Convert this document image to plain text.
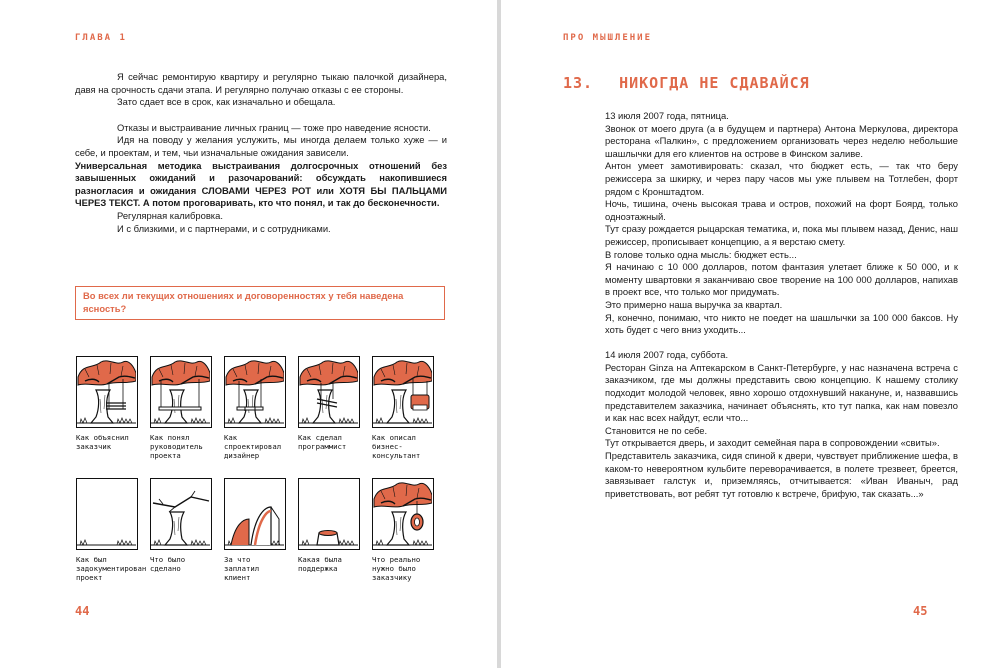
ГЛАВА 1

Я сейчас ремонтирую квартиру и регулярно тыкаю палочкой дизайнера, давя на срочность сдачи этапа. И регулярно получаю отказы с ее стороны.

Зато сдает все в срок, как изначально и обещала.

Отказы и выстраивание личных границ — тоже про наведение ясности.

Идя на поводу у желания услужить, мы иногда делаем только хуже — и себе, и проектам, и тем, чьи изначальные ожидания зависели.

Универсальная методика выстраивания долгосрочных отношений без завышенных ожиданий и разочарований: обсуждать накопившиеся разногласия и ожидания СЛОВАМИ ЧЕРЕЗ РОТ или ХОТЯ БЫ ПАЛЬЦАМИ ЧЕРЕЗ ТЕКСТ. А потом проговаривать, кто что понял, и так до бесконечности.

Регулярная калибровка.

И с близкими, и с партнерами, и с сотрудниками.

Во всех ли текущих отношениях и договоренностях у тебя наведена ясность?
Как объяснил заказчик
Как понял руководитель проекта
Как спроектировал дизайнер
Как сделал программист
Как описал бизнес-консультант
Как был задокументирован проект
Что было сделано
За что заплатил клиент
Какая была поддержка
Что реально нужно было заказчику
44
ПРО МЫШЛЕНИЕ
13. НИКОГДА НЕ СДАВАЙСЯ

13 июля 2007 года, пятница.

Звонок от моего друга (а в будущем и партнера) Антона Меркулова, директора ресторана «Палкин», с предложением организовать через неделю небольшие шашлычки для его клиентов на острове в Финском заливе.

Антон умеет замотивировать: сказал, что бюджет есть, — так что беру режиссера за шкирку, и через пару часов мы уже плывем на Тотлебен, форт рядом с Кронштадтом.

Ночь, тишина, очень высокая трава и остров, похожий на форт Боярд, только одноэтажный.

Тут сразу рождается рыцарская тематика, и, пока мы плывем назад, Денис, наш режиссер, прописывает концепцию, а я верстаю смету.

В голове только одна мысль: бюджет есть...

Я начинаю с 10 000 долларов, потом фантазия улетает ближе к 50 000, и к моменту швартовки я заканчиваю свое творение на 100 000 долларов, напихав в проект все, что только мог придумать.

Это примерно наша выручка за квартал.

Я, конечно, понимаю, что никто не поедет на шашлычки за 100 000 баксов. Ну хоть будет с чего вниз уходить...

14 июля 2007 года, суббота.

Ресторан Ginza на Аптекарском в Санкт-Петербурге, у нас назначена встреча с заказчиком, где мы должны представить свою концепцию. К нашему столику подходит молодой человек, явно хорошо отдохнувший накануне, и, назвавшись представителем заказчика, начинает объяснять, кто тут папка, как нам повезло и как нас всех найдут, если что...

Становится не по себе.

Тут открывается дверь, и заходит семейная пара в сопровождении «свиты».

Представитель заказчика, сидя спиной к двери, чувствует приближение шефа, в каком-то невероятном кульбите переворачивается, в полете трезвеет, бреется, завязывает галстук и, приземляясь, отчитывается: «Иван Иваныч, рад приветствовать, вот ребят тут готовлю к встрече, брифую, так сказать...»

45
